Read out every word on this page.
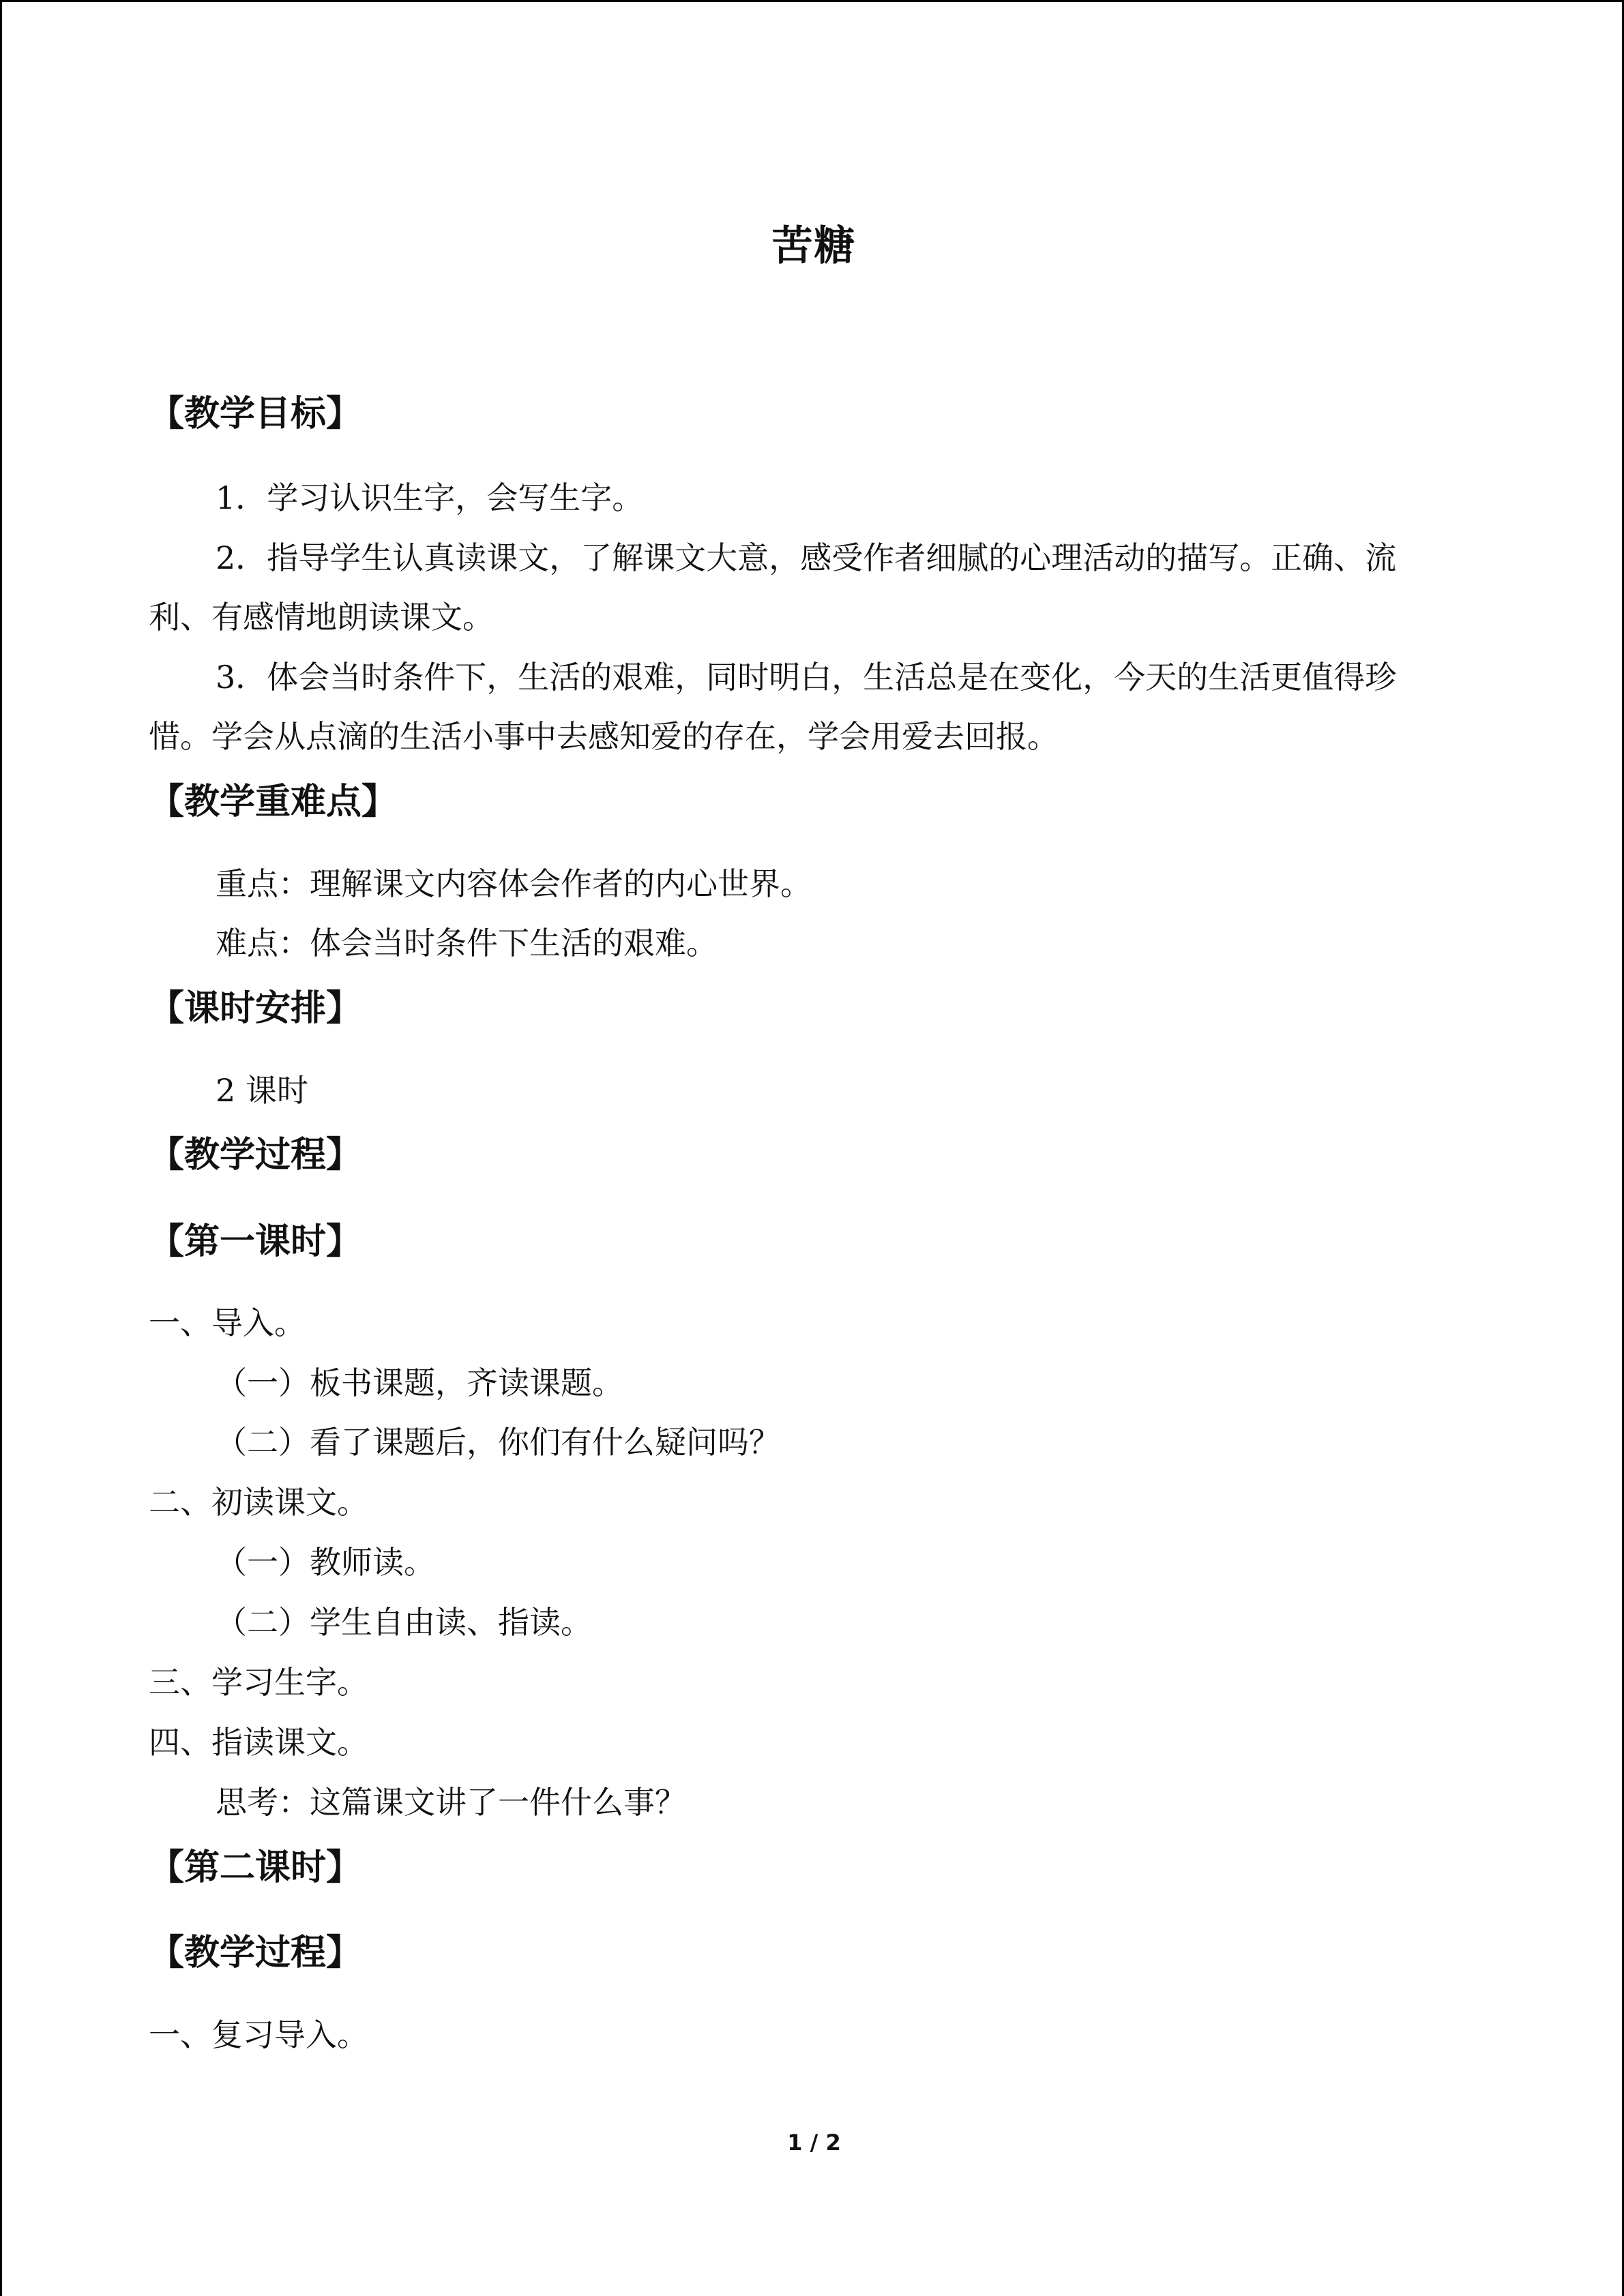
苦糖
【教学目标】
1．学习认识生字，会写生字。
2．指导学生认真读课文，了解课文大意，感受作者细腻的心理活动的描写。正确、流
利、有感情地朗读课文。
3．体会当时条件下，生活的艰难，同时明白，生活总是在变化，今天的生活更值得珍
惜。学会从点滴的生活小事中去感知爱的存在，学会用爱去回报。
【教学重难点】
重点：理解课文内容体会作者的内心世界。
难点：体会当时条件下生活的艰难。
【课时安排】
2 课时
【教学过程】
【第一课时】
一、导入。
（一）板书课题，齐读课题。
（二）看了课题后，你们有什么疑问吗？
二、初读课文。
（一）教师读。
（二）学生自由读、指读。
三、学习生字。
四、指读课文。
思考：这篇课文讲了一件什么事？
【第二课时】
【教学过程】
一、复习导入。
1 / 2
